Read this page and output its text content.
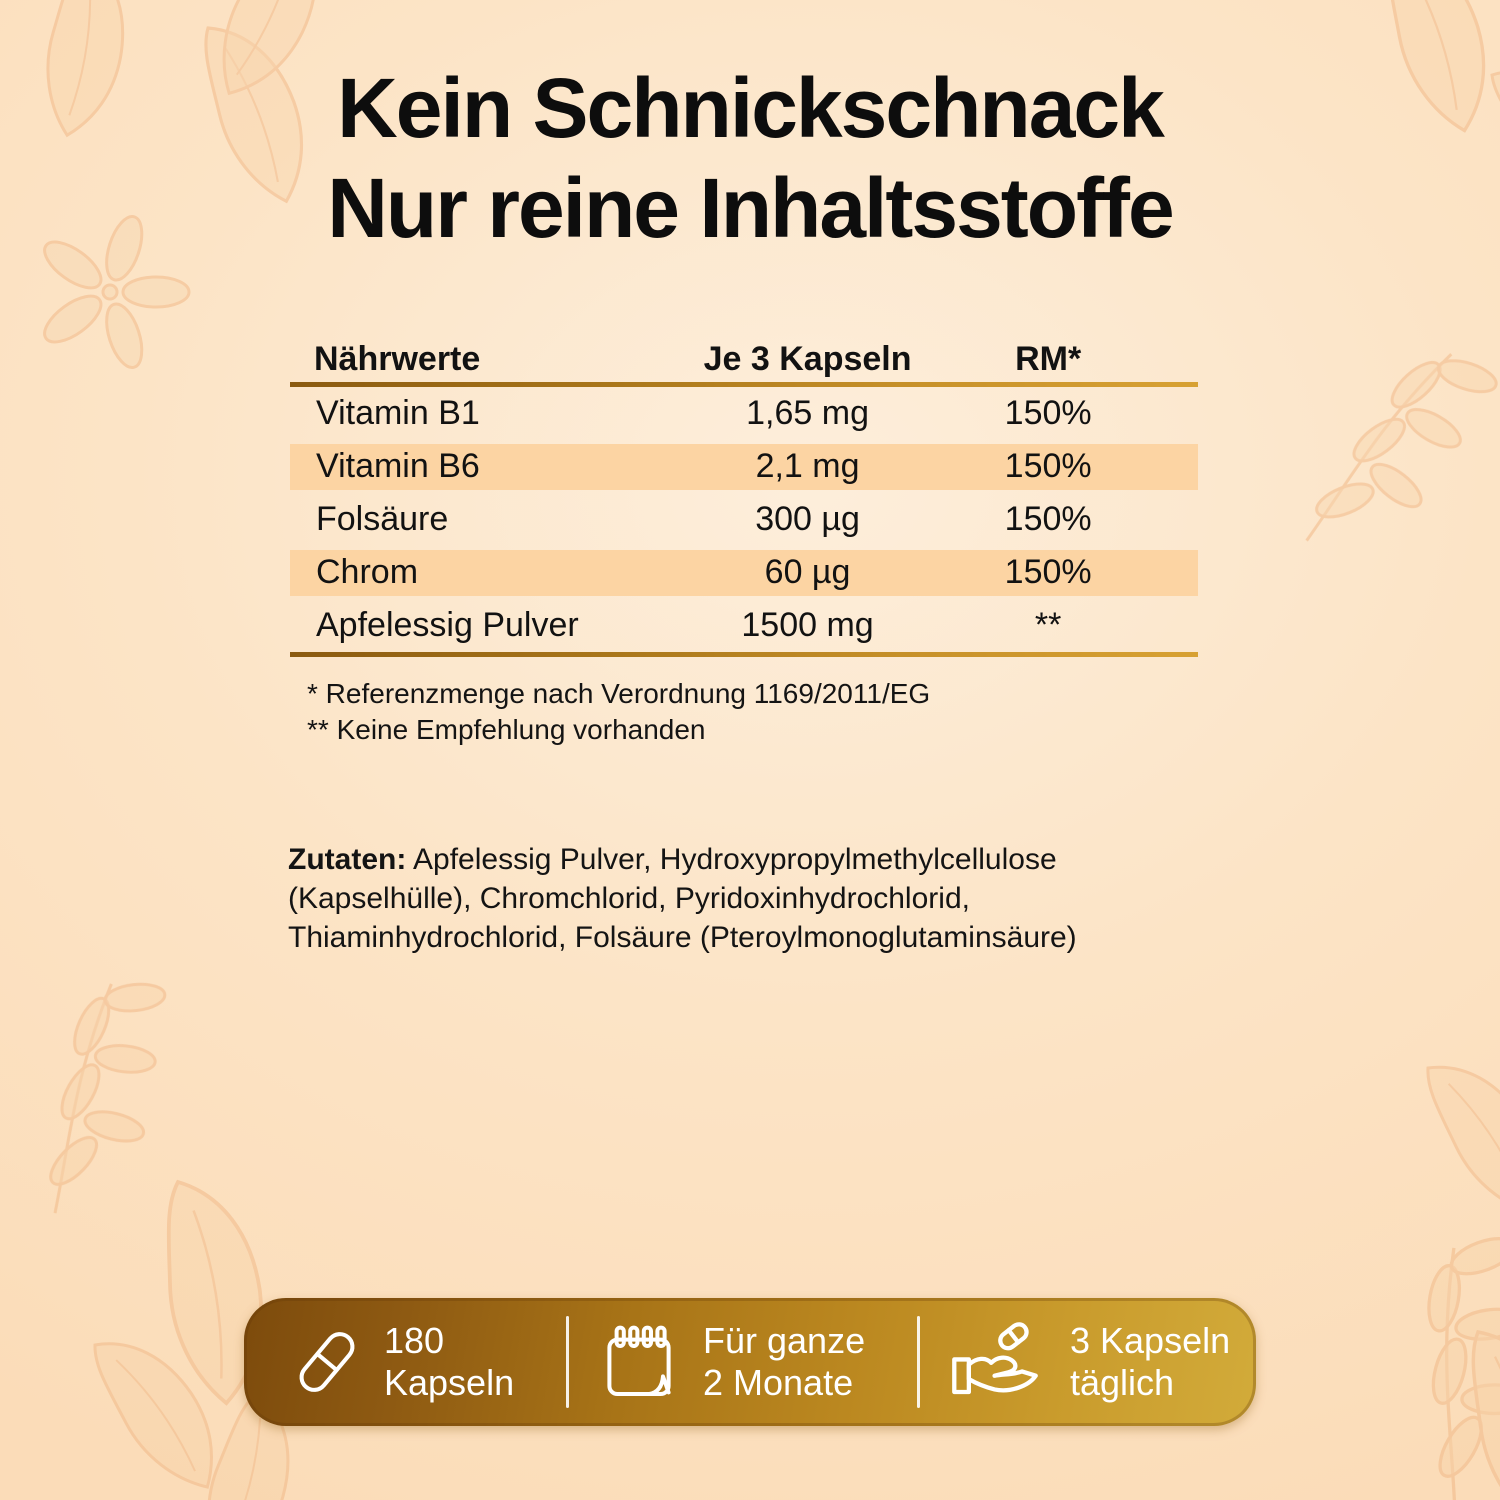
Kein Schnickschnack
Nur reine Inhaltsstoffe
Nährwerte	Je 3 Kapseln	RM*
Vitamin B1	1,65 mg	150%
Vitamin B6	2,1 mg	150%
Folsäure	300 µg	150%
Chrom	60 µg	150%
Apfelessig Pulver	1500 mg	**

* Referenzmenge nach Verordnung 1169/2011/EG

** Keine Empfehlung vorhanden

Zutaten: Apfelessig Pulver, Hydroxypropylmethylcellulose (Kapselhülle), Chromchlorid, Pyridoxinhydrochlorid, Thiaminhydrochlorid, Folsäure (Pteroylmonoglutaminsäure)

180
Kapseln
Für ganze
2 Monate
3 Kapseln
täglich
